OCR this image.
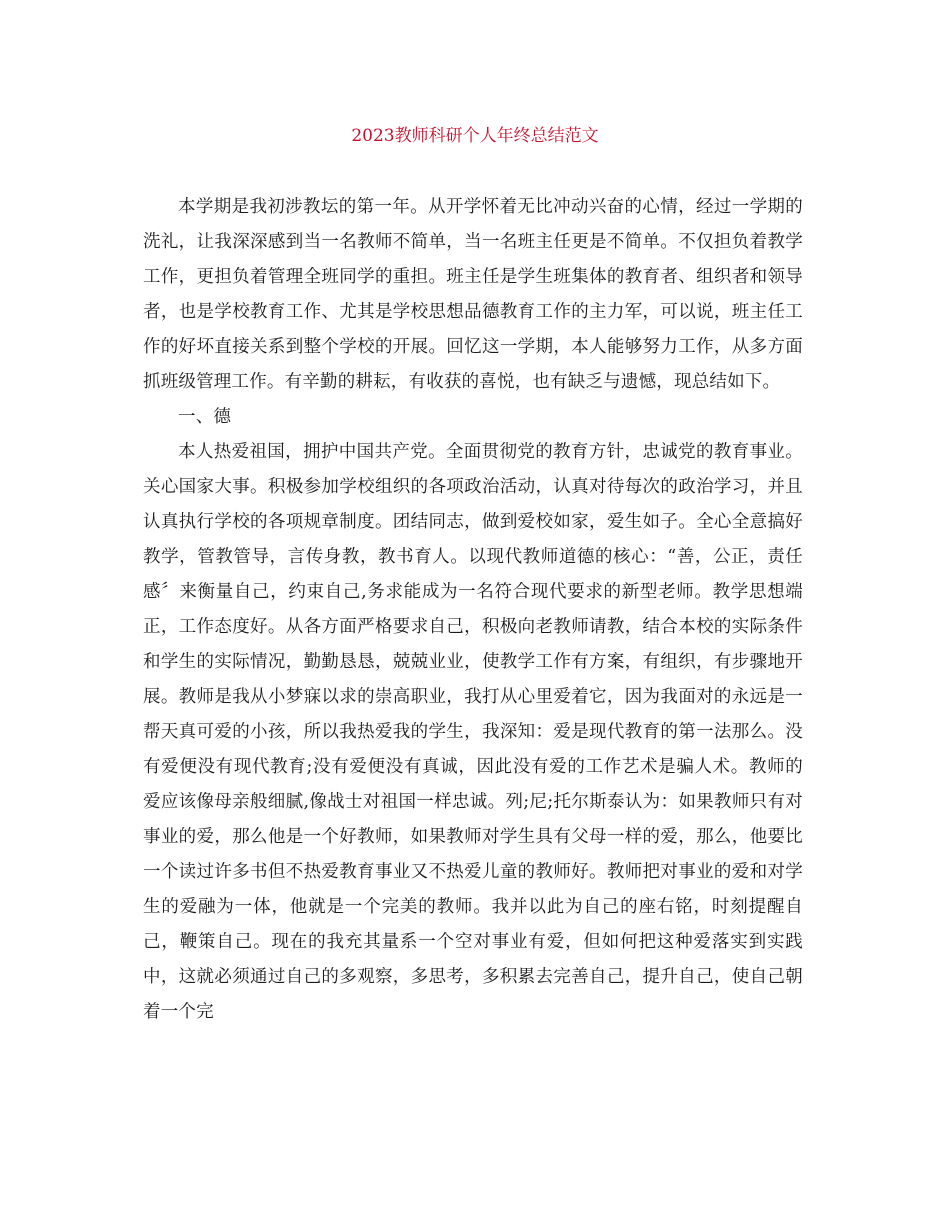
2023教师科研个人年终总结范文

本学期是我初涉教坛的第一年。从开学怀着无比冲动兴奋的心情，经过一学期的洗礼，让我深深感到当一名教师不简单，当一名班主任更是不简单。不仅担负着教学工作，更担负着管理全班同学的重担。班主任是学生班集体的教育者、组织者和领导者，也是学校教育工作、尤其是学校思想品德教育工作的主力军，可以说，班主任工作的好坏直接关系到整个学校的开展。回忆这一学期，本人能够努力工作，从多方面抓班级管理工作。有辛勤的耕耘，有收获的喜悦，也有缺乏与遗憾，现总结如下。

一、德

本人热爱祖国，拥护中国共产党。全面贯彻党的教育方针，忠诚党的教育事业。关心国家大事。积极参加学校组织的各项政治活动，认真对待每次的政治学习，并且认真执行学校的各项规章制度。团结同志，做到爱校如家，爱生如子。全心全意搞好教学，管教管导，言传身教，教书育人。以现代教师道德的核心：“善，公正，责任感〞来衡量自己，约束自己,务求能成为一名符合现代要求的新型老师。教学思想端正，工作态度好。从各方面严格要求自己，积极向老教师请教，结合本校的实际条件和学生的实际情况，勤勤恳恳，兢兢业业，使教学工作有方案，有组织，有步骤地开展。教师是我从小梦寐以求的崇高职业，我打从心里爱着它，因为我面对的永远是一帮天真可爱的小孩，所以我热爱我的学生，我深知：爱是现代教育的第一法那么。没有爱便没有现代教育;没有爱便没有真诚，因此没有爱的工作艺术是骗人术。教师的爱应该像母亲般细腻,像战士对祖国一样忠诚。列;尼;托尔斯泰认为：如果教师只有对事业的爱，那么他是一个好教师，如果教师对学生具有父母一样的爱，那么，他要比一个读过许多书但不热爱教育事业又不热爱儿童的教师好。教师把对事业的爱和对学生的爱融为一体，他就是一个完美的教师。我并以此为自己的座右铭，时刻提醒自己，鞭策自己。现在的我充其量系一个空对事业有爱，但如何把这种爱落实到实践中，这就必须通过自己的多观察，多思考，多积累去完善自己，提升自己，使自己朝着一个完
